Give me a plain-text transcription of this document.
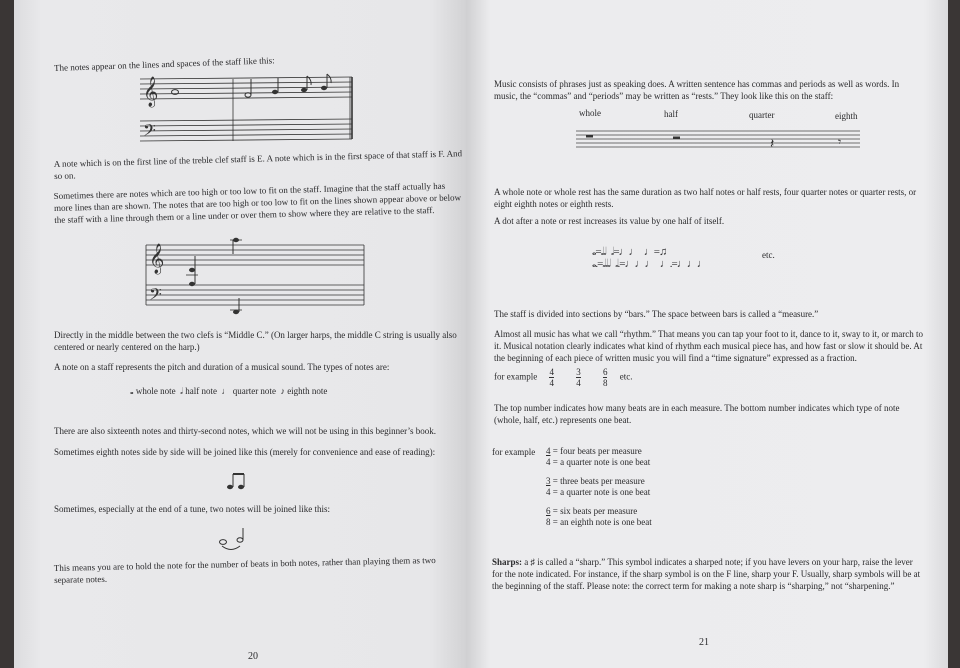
The notes appear on the lines and spaces of the staff like this:
𝄞
𝄢
A note which is on the first line of the treble clef staff is E. A note which is in the first space of that staff is F. And so on.
Sometimes there are notes which are too high or too low to fit on the staff. Imagine that the staff actually has more lines than are shown. The notes that are too high or too low to fit on the lines shown appear above or below the staff with a line through them or a line under or over them to show where they are relative to the staff.
𝄞
𝄢
Directly in the middle between the two clefs is “Middle C.” (On larger harps, the middle C string is usually also centered or nearly centered on the harp.)
A note on a staff represents the pitch and duration of a musical sound. The types of notes are:
𝅝 whole note 𝅗𝅥 half note ♩ quarter note ♪ eighth note
There are also sixteenth notes and thirty-second notes, which we will not be using in this beginner’s book.
Sometimes eighth notes side by side will be joined like this (merely for convenience and ease of reading):
Sometimes, especially at the end of a tune, two notes will be joined like this:
This means you are to hold the note for the number of beats in both notes, rather than playing them as two separate notes.
20
Music consists of phrases just as speaking does. A written sentence has commas and periods as well as words. In music, the “commas” and “periods” may be written as “rests.” They look like this on the staff:
whole	half	quarter	eighth
𝄽	𝄾
A whole note or whole rest has the same duration as two half notes or half rests, four quarter notes or quarter rests, or eight eighth notes or eighth rests.
A dot after a note or rest increases its value by one half of itself.
𝅝=𝅗𝅥𝅗𝅥   𝅗𝅥=♩♩   ♩=♫
𝅝.=𝅗𝅥𝅗𝅥𝅗𝅥   𝅗𝅥.=♩♩♩   ♩.=♩♩♩
etc.
The staff is divided into sections by “bars.” The space between bars is called a “measure.”
Almost all music has what we call “rhythm.” That means you can tap your foot to it, dance to it, sway to it, or march to it. Musical notation clearly indicates what kind of rhythm each musical piece has, and how fast or slow it should be. At the beginning of each piece of written music you will find a “time signature” expressed as a fraction.
for example $\frac{4}{4}$
$\frac{3}{4}$
$\frac{6}{8}$ etc.
The top number indicates how many beats are in each measure. The bottom number indicates which type of note (whole, half, etc.) represents one beat.
for example 4 = four beats per measure
4 = a quarter note is one beat
3 = three beats per measure
4 = a quarter note is one beat
6 = six beats per measure
8 = an eighth note is one beat
Sharps: a ♯ is called a “sharp.” This symbol indicates a sharped note; if you have levers on your harp, raise the lever for the note indicated. For instance, if the sharp symbol is on the F line, sharp your F. Usually, sharp symbols will be at the beginning of the staff. Please note: the correct term for making a note sharp is “sharping,” not “sharpening.”
21
